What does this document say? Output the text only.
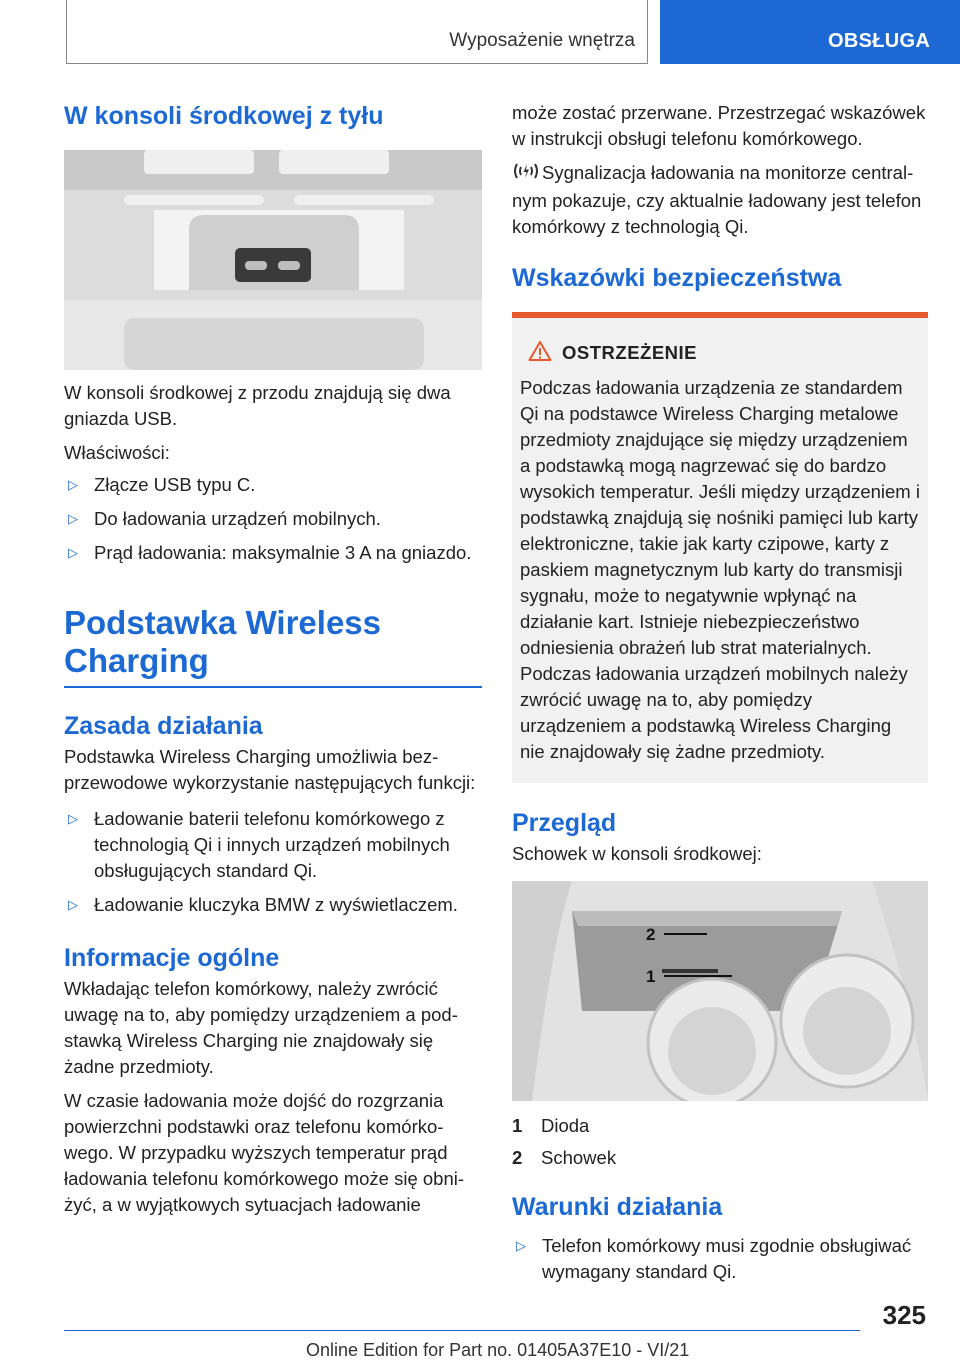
Wyposażenie wnętrza	OBSŁUGA
W konsoli środkowej z tyłu

W konsoli środkowej z przodu znajdują się dwa gniazda USB.

Właściwości:

▷ Złącze USB typu C.
▷ Do ładowania urządzeń mobilnych.
▷ Prąd ładowania: maksymalnie 3 A na gniazdo.
Podstawka Wireless
Charging
Zasada działania

Podstawka Wireless Charging umożliwia bezprzewodowe wykorzystanie następujących funkcji:

▷ Ładowanie baterii telefonu komórkowego z technologią Qi i innych urządzeń mobilnych obsługujących standard Qi.
▷ Ładowanie kluczyka BMW z wyświetlaczem.
Informacje ogólne

Wkładając telefon komórkowy, należy zwrócić uwagę na to, aby pomiędzy urządzeniem a podstawką Wireless Charging nie znajdowały się żadne przedmioty.

W czasie ładowania może dojść do rozgrzania powierzchni podstawki oraz telefonu komórkowego. W przypadku wyższych temperatur prąd ładowania telefonu komórkowego może się obniżyć, a w wyjątkowych sytuacjach ładowanie

może zostać przerwane. Przestrzegać wskazówek w instrukcji obsługi telefonu komórkowego.

Sygnalizacja ładowania na monitorze centralnym pokazuje, czy aktualnie ładowany jest telefon komórkowy z technologią Qi.

Wskazówki bezpieczeństwa
OSTRZEŻENIE

Podczas ładowania urządzenia ze standardem Qi na podstawce Wireless Charging metalowe przedmioty znajdujące się między urządzeniem a podstawką mogą nagrzewać się do bardzo wysokich temperatur. Jeśli między urządzeniem i podstawką znajdują się nośniki pamięci lub karty elektroniczne, takie jak karty czipowe, karty z paskiem magnetycznym lub karty do transmisji sygnału, może to negatywnie wpłynąć na działanie kart. Istnieje niebezpieczeństwo odniesienia obrażeń lub strat materialnych. Podczas ładowania urządzeń mobilnych należy zwrócić uwagę na to, aby pomiędzy urządzeniem a podstawką Wireless Charging nie znajdowały się żadne przedmioty.

Przegląd

Schowek w konsoli środkowej:

2
1
1	Dioda
2	Schowek
Warunki działania
▷ Telefon komórkowy musi zgodnie obsługiwać wymagany standard Qi.
325
Online Edition for Part no. 01405A37E10 - VI/21
